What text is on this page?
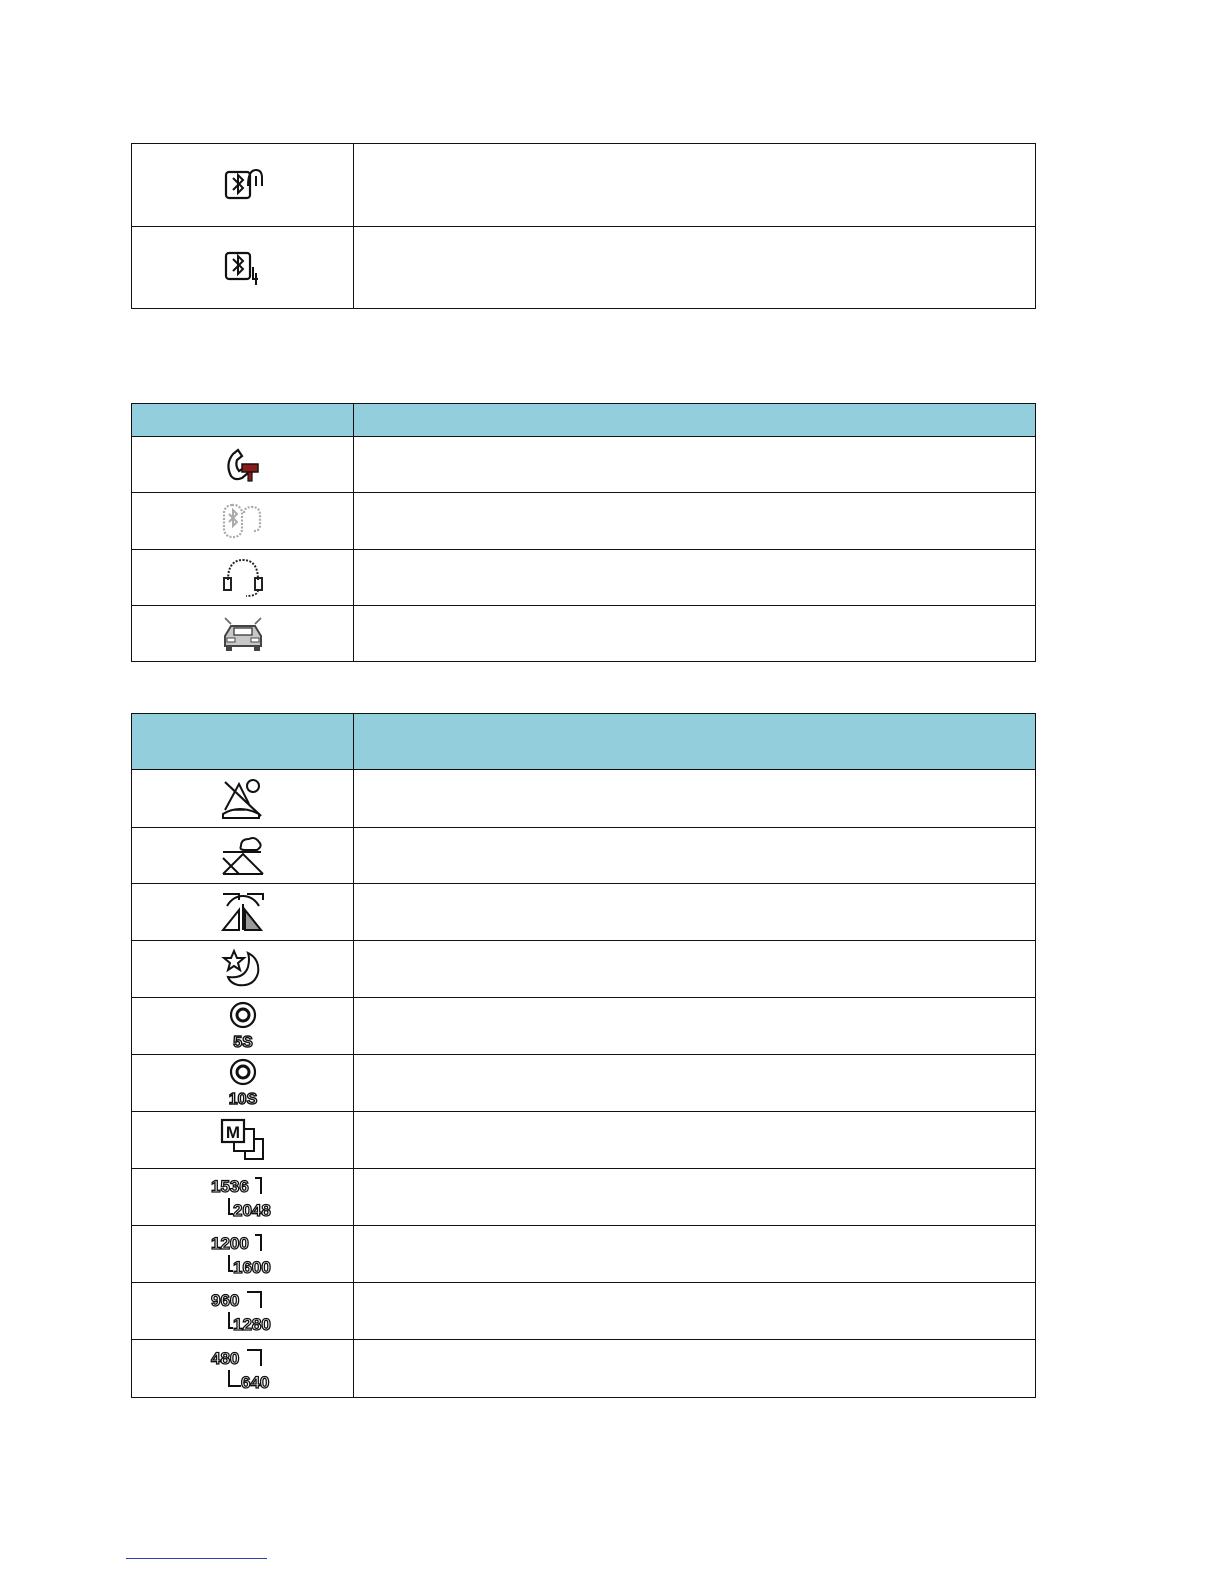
5S	

10S	

M	

1536
2048	

1200
1600	

960
1280	

480
640	
